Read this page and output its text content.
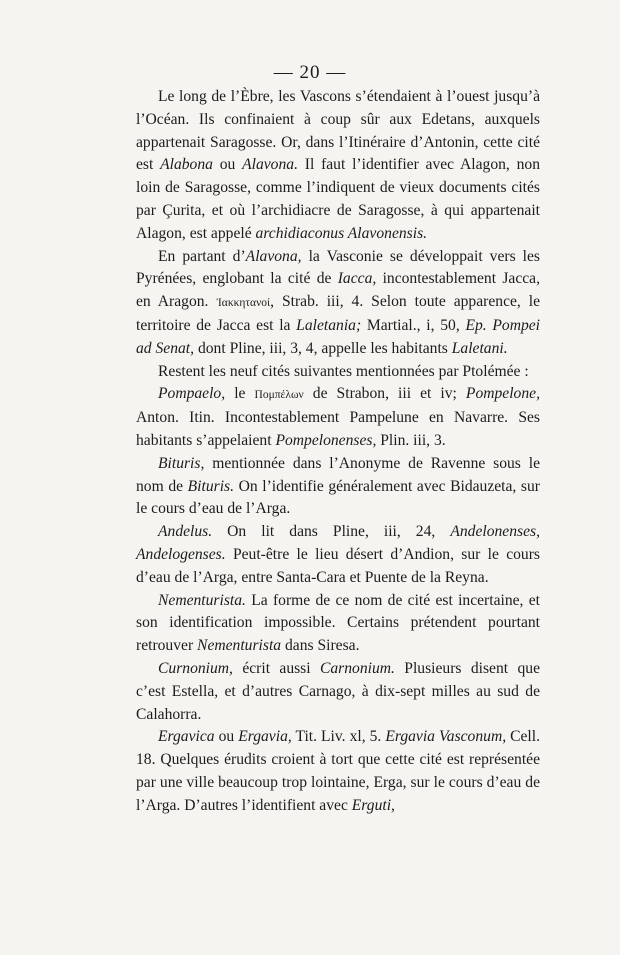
— 20 —

Le long de l’Èbre, les Vascons s’étendaient à l’ouest jusqu’à l’Océan. Ils confinaient à coup sûr aux Edetans, auxquels appartenait Saragosse. Or, dans l’Itinéraire d’Antonin, cette cité est Alabona ou Alavona. Il faut l’identifier avec Alagon, non loin de Saragosse, comme l’indiquent de vieux documents cités par Çurita, et où l’archidiacre de Saragosse, à qui appartenait Alagon, est appelé archidiaconus Alavonensis.

En partant d’Alavona, la Vasconie se développait vers les Pyrénées, englobant la cité de Iacca, incontestablement Jacca, en Aragon. Ἰακκητανοί, Strab. iii, 4. Selon toute apparence, le territoire de Jacca est la Laletania; Martial., i, 50, Ep. Pompei ad Senat, dont Pline, iii, 3, 4, appelle les habitants Laletani.

Restent les neuf cités suivantes mentionnées par Ptolémée :

Pompaelo, le Πομπέλων de Strabon, iii et iv; Pompelone, Anton. Itin. Incontestablement Pampelune en Navarre. Ses habitants s’appelaient Pompelonenses, Plin. iii, 3.

Bituris, mentionnée dans l’Anonyme de Ravenne sous le nom de Bituris. On l’identifie généralement avec Bidauzeta, sur le cours d’eau de l’Arga.

Andelus. On lit dans Pline, iii, 24, Andelonenses, Andelogenses. Peut-être le lieu désert d’Andion, sur le cours d’eau de l’Arga, entre Santa-Cara et Puente de la Reyna.

Nementurista. La forme de ce nom de cité est incertaine, et son identification impossible. Certains prétendent pourtant retrouver Nementurista dans Siresa.

Curnonium, écrit aussi Carnonium. Plusieurs disent que c’est Estella, et d’autres Carnago, à dix-sept milles au sud de Calahorra.

Ergavica ou Ergavia, Tit. Liv. xl, 5. Ergavia Vasconum, Cell. 18. Quelques érudits croient à tort que cette cité est représentée par une ville beaucoup trop lointaine, Erga, sur le cours d’eau de l’Arga. D’autres l’identifient avec Erguti,
